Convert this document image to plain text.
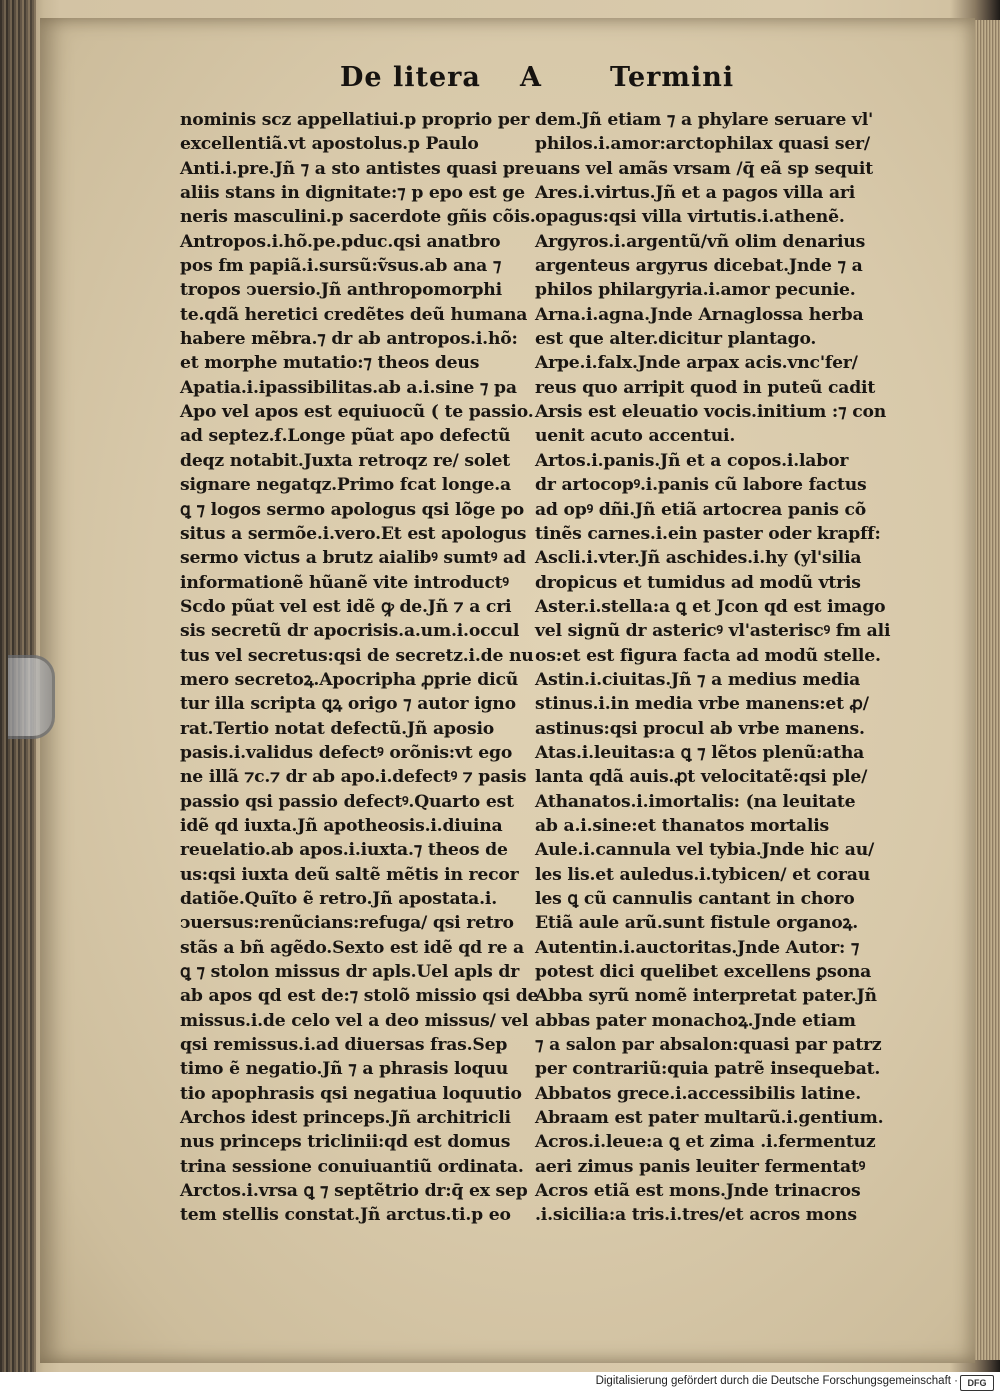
De litera A	Termini
nominis scz appellatiui.p proprio per
excellentiã.vt apostolus.p Paulo
Anti.i.pre.Jñ ⁊ a sto antistes quasi pre
aliis stans in dignitate:⁊ p epo est ge
neris masculini.p sacerdote gñis cõis.
Antropos.i.hõ.pe.pduc.qsi anatbro
pos fm papiã.i.sursũ:ṽsus.ab ana ⁊
tropos ↄuersio.Jñ anthropomorphi
te.qdã heretici credẽtes deũ humana
habere mẽbra.⁊ dr ab antropos.i.hõ:
et morphe mutatio:⁊ theos deus
Apatia.i.ipassibilitas.ab a.i.sine ⁊ pa
Apo vel apos est equiuocũ ( te passio.
ad septez.ẜ.Longe pũat apo defectũ
deqz notabit.Juxta retroqz re/ solet
signare negatqz.Primo fcat longe.a
ꝗ ⁊ logos sermo apologus qsi lõge po
situs a sermõe.i.vero.Et est apologus
sermo victus a brutz aialibꝰ sumtꝰ ad
informationẽ hũanẽ vite introductꝰ
Scdo pũat vel est idẽ ꝙ de.Jñ ⁊ a cri
sis secretũ dr apocrisis.a.um.i.occul
tus vel secretus:qsi de secretz.i.de nu
mero secretoꝝ.Apocripha ꝓprie dicũ
tur illa scripta ꝗꝝ origo ⁊ autor igno
rat.Tertio notat defectũ.Jñ aposio
pasis.i.validus defectꝰ orõnis:vt ego
ne illã ⁊c.⁊ dr ab apo.i.defectꝰ ⁊ pasis
passio qsi passio defectꝰ.Quarto est
idẽ qd iuxta.Jñ apotheosis.i.diuina
reuelatio.ab apos.i.iuxta.⁊ theos de
us:qsi iuxta deũ saltẽ mẽtis in recor
datiõe.Quĩto ẽ retro.Jñ apostata.i.
ↄuersus:renũcians:refuga/ qsi retro
stãs a bñ agẽdo.Sexto est idẽ qd re a
ꝗ ⁊ stolon missus dr apls.Uel apls dr
ab apos qd est de:⁊ stolõ missio qsi de
missus.i.de celo vel a deo missus/ vel
qsi remissus.i.ad diuersas fras.Sep
timo ẽ negatio.Jñ ⁊ a phrasis loquu
tio apophrasis qsi negatiua loquutio
Archos idest princeps.Jñ architricli
nus princeps triclinii:qd est domus
trina sessione conuiuantiũ ordinata.
Arctos.i.vrsa ꝗ ⁊ septẽtrio dr:q̄ ex sep
tem stellis constat.Jñ arctus.ti.p eo
dem.Jñ etiam ⁊ a phylare seruare vl'
philos.i.amor:arctophilax quasi ser/
uans vel amãs vrsam /q̄ eã sp sequit
Ares.i.virtus.Jñ et a pagos villa ari
opagus:qsi villa virtutis.i.athenẽ.
Argyros.i.argentũ/vñ olim denarius
argenteus argyrus dicebat.Jnde ⁊ a
philos philargyria.i.amor pecunie.
Arna.i.agna.Jnde Arnaglossa herba
est que alter.dicitur plantago.
Arpe.i.falx.Jnde arpax acis.vnc'fer/
reus quo arripit quod in puteũ cadit
Arsis est eleuatio vocis.initium :⁊ con
uenit acuto accentui.
Artos.i.panis.Jñ et a copos.i.labor
dr artocopꝰ.i.panis cũ labore factus
ad opꝰ dñi.Jñ etiã artocrea panis cõ
tinẽs carnes.i.ein paster oder krapff:
Ascli.i.vter.Jñ aschides.i.hy (yl'silia
dropicus et tumidus ad modũ vtris
Aster.i.stella:a ꝗ et Jcon qd est imago
vel signũ dr astericꝰ vl'asteriscꝰ fm ali
os:et est figura facta ad modũ stelle.
Astin.i.ciuitas.Jñ ⁊ a medius media
stinus.i.in media vrbe manens:et ꝓ/
astinus:qsi procul ab vrbe manens.
Atas.i.leuitas:a ꝗ ⁊ lẽtos plenũ:atha
lanta qdã auis.ꝓt velocitatẽ:qsi ple/
Athanatos.i.imortalis: (na leuitate
ab a.i.sine:et thanatos mortalis
Aule.i.cannula vel tybia.Jnde hic au/
les lis.et auledus.i.tybicen/ et corau
les ꝗ cũ cannulis cantant in choro
Etiã aule arũ.sunt fistule organoꝝ.
Autentin.i.auctoritas.Jnde Autor: ⁊
potest dici quelibet excellens ꝑsona
Abba syrũ nomẽ interpretat pater.Jñ
abbas pater monachoꝝ.Jnde etiam
⁊ a salon par absalon:quasi par patrz
per contrariũ:quia patrẽ insequebat.
Abbatos grece.i.accessibilis latine.
Abraam est pater multarũ.i.gentium.
Acros.i.leue:a ꝗ et zima .i.fermentuz
aeri zimus panis leuiter fermentatꝰ
Acros etiã est mons.Jnde trinacros
.i.sicilia:a tris.i.tres/et acros mons
Digitalisierung gefördert durch die Deutsche Forschungsgemeinschaft ·	DFG
